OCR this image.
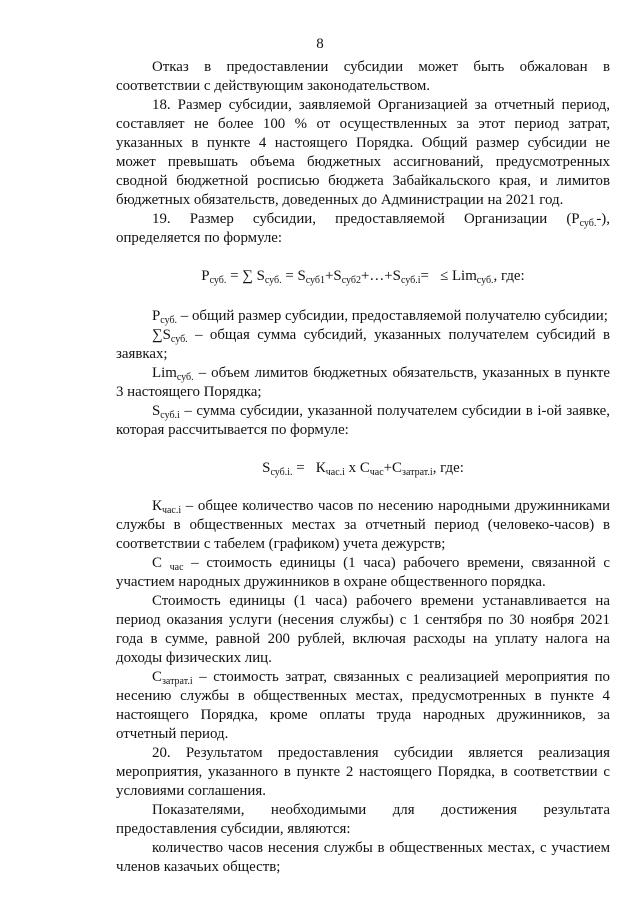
8
Отказ в предоставлении субсидии может быть обжалован в

соответствии с действующим законодательством.

18. Размер субсидии, заявляемой Организацией за отчетный период, составляет не более 100 % от осуществленных за этот период затрат, указанных в пункте 4 настоящего Порядка. Общий размер субсидии не может превышать объема бюджетных ассигнований, предусмотренных сводной бюджетной росписью бюджета Забайкальского края, и лимитов бюджетных обязательств, доведенных до Администрации на 2021 год.

19. Размер субсидии, предоставляемой Организации $(Р_{суб.}-)$,

определяется по формуле:

$Р_{суб.}$ = ∑ $S_{суб.}$ = $S_{суб1}+S_{суб2}+\dots+S_{суб.i}= \le Lim_{суб.}$, где:

$Р_{суб.}$ – общий размер субсидии, предоставляемой получателю субсидии;

$\sum S_{суб.}$ – общая сумма субсидий, указанных получателем субсидий в заявках;

Lim$_{суб.}$ – объем лимитов бюджетных обязательств, указанных в пункте 3 настоящего Порядка;

$S_{суб.i}$ – сумма субсидии, указанной получателем субсидии в i-ой заявке, которая рассчитывается по формуле:

$S_{суб.i.} = К_{час.i}$ х $С_{час}+С_{затрат.i}$, где:

$К_{час.i}$ – общее количество часов по несению народными дружинниками службы в общественных местах за отчетный период (человеко-часов) в соответствии с табелем (графиком) учета дежурств;

С $_{час}$ – стоимость единицы (1 часа) рабочего времени, связанной с участием народных дружинников в охране общественного порядка.

Стоимость единицы (1 часа) рабочего времени устанавливается на период оказания услуги (несения службы) с 1 сентября по 30 ноября 2021 года в сумме, равной 200 рублей, включая расходы на уплату налога на доходы физических лиц.

$С_{затрат.i}$ – стоимость затрат, связанных с реализацией мероприятия по несению службы в общественных местах, предусмотренных в пункте 4 настоящего Порядка, кроме оплаты труда народных дружинников, за отчетный период.

20. Результатом предоставления субсидии является реализация мероприятия, указанного в пункте 2 настоящего Порядка, в соответствии с условиями соглашения.

Показателями, необходимыми для достижения результата

предоставления субсидии, являются:

количество часов несения службы в общественных местах, с участием членов казачьих обществ;
